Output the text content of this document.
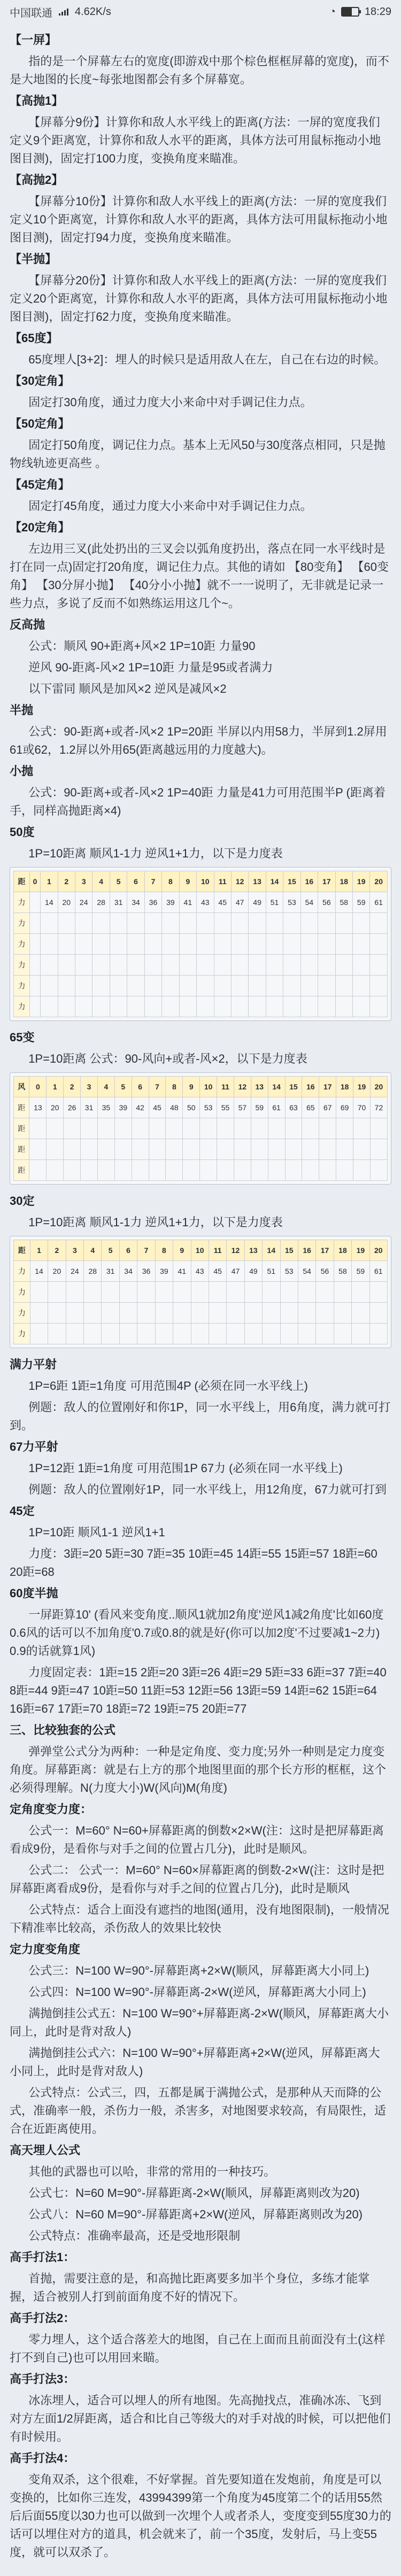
中国联通 4.62K/s	◔	18:29

【一屏】

指的是一个屏幕左右的宽度(即游戏中那个棕色框框屏幕的宽度)，而不是大地图的长度~每张地图都会有多个屏幕宽。

【高抛1】

【屏幕分9份】计算你和敌人水平线上的距离(方法：一屏的宽度我们定义9个距离宽，计算你和敌人水平的距离，具体方法可用鼠标拖动小地图目测)，固定打100力度，变换角度来瞄准。

【高抛2】

【屏幕分10份】计算你和敌人水平线上的距离(方法：一屏的宽度我们定义10个距离宽，计算你和敌人水平的距离，具体方法可用鼠标拖动小地图目测)，固定打94力度，变换角度来瞄准。

【半抛】

【屏幕分20份】计算你和敌人水平线上的距离(方法：一屏的宽度我们定义20个距离宽，计算你和敌人水平的距离，具体方法可用鼠标拖动小地图目测)，固定打62力度，变换角度来瞄准。

【65度】

65度埋人[3+2]：埋人的时候只是适用敌人在左，自己在右边的时候。

【30定角】

固定打30角度，通过力度大小来命中对手调记住力点。

【50定角】

固定打50角度，调记住力点。基本上无风50与30度落点相同，只是抛物线轨迹更高些 。

【45定角】

固定打45角度，通过力度大小来命中对手调记住力点。

【20定角】

左边用三叉(此处扔出的三叉会以弧角度扔出，落点在同一水平线时是打在同一点)固定打20角度，调记住力点。其他的请如 【80变角】 【60变角】 【30分屏小抛】 【40分小小抛】就不一一说明了，无非就是记录一些力点，多说了反而不如熟练运用这几个~。

反高抛

公式：顺风 90+距离+风×2 1P=10距 力量90

逆风 90-距离-风×2 1P=10距 力量是95或者满力

以下雷同 顺风是加风×2 逆风是减风×2

半抛

公式：90-距离+或者-风×2 1P=20距 半屏以内用58力，半屏到1.2屏用61或62，1.2屏以外用65(距离越远用的力度越大)。

小抛

公式：90-距离+或者-风×2 1P=40距 力量是41力可用范围半P (距离着手，同样高抛距离×4)

50度

1P=10距离 顺风1-1力 逆风1+1力，以下是力度表

距	0	1	2	3	4	5	6	7	8	9	10	11	12	13	14	15	16	17	18	19	20
力		14	20	24	28	31	34	36	39	41	43	45	47	49	51	53	54	56	58	59	61
力																					
力																					
力																					
力																					
力																					

65变

1P=10距离 公式：90-风向+或者-风×2，以下是力度表

风	0	1	2	3	4	5	6	7	8	9	10	11	12	13	14	15	16	17	18	19	20
距	13	20	26	31	35	39	42	45	48	50	53	55	57	59	61	63	65	67	69	70	72
距																					
距																					
距																					

30定

1P=10距离 顺风1-1力 逆风1+1力，以下是力度表

距	1	2	3	4	5	6	7	8	9	10	11	12	13	14	15	16	17	18	19	20
力	14	20	24	28	31	34	36	39	41	43	45	47	49	51	53	54	56	58	59	61
力																				
力																				
力																				

满力平射

1P=6距 1距=1角度 可用范围4P (必须在同一水平线上)

例题：敌人的位置刚好和你1P，同一水平线上，用6角度，满力就可打到。

67力平射

1P=12距 1距=1角度 可用范围1P 67力 (必须在同一水平线上)

例题：敌人的位置刚好1P，同一水平线上，用12角度，67力就可打到

45定

1P=10距 顺风1-1 逆风1+1

力度：3距=20 5距=30 7距=35 10距=45 14距=55 15距=57 18距=60 20距=68

60度半抛

一屏距算10' (看风来变角度..顺风1就加2角度'逆风1减2角度'比如60度0.6风的话可以不加角度'0.7或0.8的就是好(你可以加2度'不过要减1~2力) 0.9的话就算1风)

力度固定表：1距=15 2距=20 3距=26 4距=29 5距=33 6距=37 7距=40 8距=44 9距=47 10距=50 11距=53 12距=56 13距=59 14距=62 15距=64 16距=67 17距=70 18距=72 19距=75 20距=77

三、比较独套的公式

弹弹堂公式分为两种：一种是定角度、变力度;另外一种则是定力度变角度。屏幕距离：就是右上方的那个地图里面的那个长方形的框框，这个必须得理解。N(力度大小)W(风向)M(角度)

定角度变力度：

公式一：M=60° N=60+屏幕距离的倒数×2×W(注：这时是把屏幕距离看成9份，是看你与对手之间的位置占几分)，此时是顺风。

公式二： 公式一：M=60° N=60×屏幕距离的倒数-2×W(注：这时是把屏幕距离看成9份，是看你与对手之间的位置占几分)，此时是顺风

公式特点：适合上面没有遮挡的地图(通用，没有地图限制)，一般情况下精准率比较高，杀伤敌人的效果比较快

定力度变角度

公式三：N=100 W=90°-屏幕距离+2×W(顺风，屏幕距离大小同上)

公式四：N=100 W=90°-屏幕距离-2×W(逆风，屏幕距离大小同上)

满抛倒挂公式五：N=100 W=90°+屏幕距离-2×W(顺风，屏幕距离大小同上，此时是背对敌人)

满抛倒挂公式六：N=100 W=90°+屏幕距离+2×W(逆风，屏幕距离大小同上，此时是背对敌人)

公式特点：公式三，四，五都是属于满抛公式，是那种从天而降的公式，准确率一般，杀伤力一般，杀害多，对地图要求较高，有局限性，适合在近距离使用。

高天埋人公式

其他的武器也可以哈，非常的常用的一种技巧。

公式七：N=60 M=90°-屏幕距离-2×W(顺风，屏幕距离则改为20)

公式八：N=60 M=90°-屏幕距离+2×W(逆风，屏幕距离则改为20)

公式特点：准确率最高，还是受地形限制

高手打法1：

首抛，需要注意的是，和高抛比距离要多加半个身位，多练才能掌握，适合被别人打到前面角度不好的情况下。

高手打法2：

零力埋人，这个适合落差大的地图，自己在上面而且前面没有土(这样打不到自己)也可以用回来瞄。

高手打法3：

冰冻埋人，适合可以埋人的所有地图。先高抛找点，准确冰冻、飞到对方左面1/2屏距离，适合和比自己等级大的对手对战的时候，可以把他们有时候用。

高手打法4：

变角双杀，这个很难，不好掌握。首先要知道在发炮前，角度是可以变换的，比如你三连发，43994399第一个角度为45度第二个的话用55然后后面55度以30力也可以做到一次埋个人或者杀人，变度变到55度30力的话可以埋住对方的道具，机会就来了，前一个35度，发射后，马上变55度，就可以双杀了。
